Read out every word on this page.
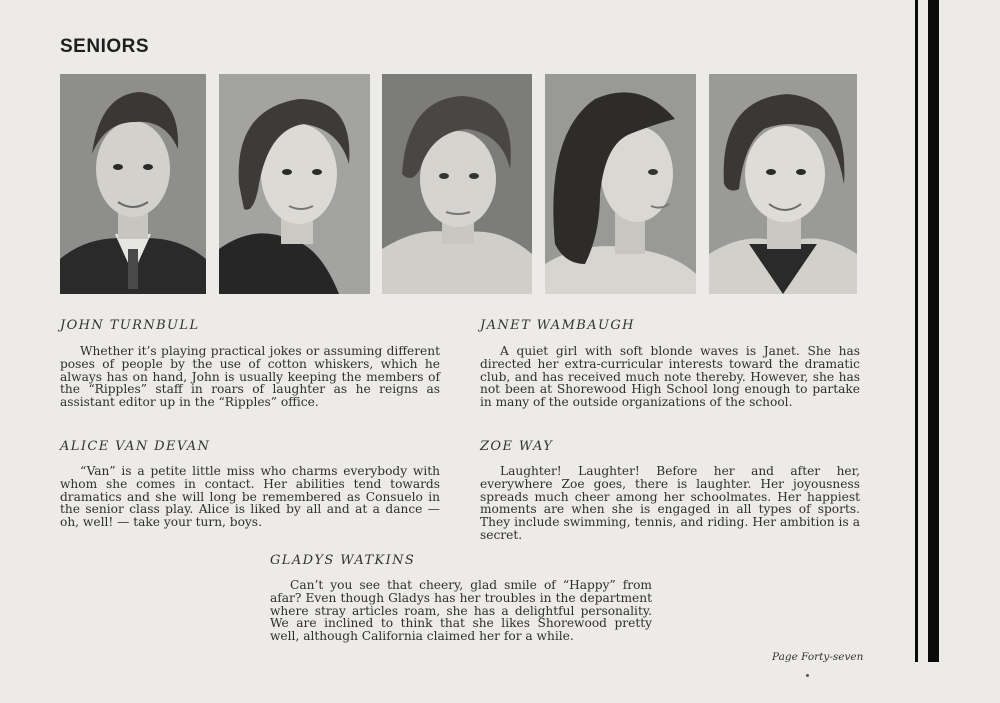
SENIORS
JOHN TURNBULL

Whether it’s playing practical jokes or assuming different poses of people by the use of cotton whiskers, which he always has on hand, John is usually keeping the members of the “Ripples” staff in roars of laughter as he reigns as assistant editor up in the “Ripples” office.

JANET WAMBAUGH

A quiet girl with soft blonde waves is Janet. She has directed her extra-curricular interests toward the dramatic club, and has received much note thereby. However, she has not been at Shorewood High School long enough to partake in many of the outside organizations of the school.

ALICE VAN DEVAN

“Van” is a petite little miss who charms everybody with whom she comes in contact. Her abilities tend towards dramatics and she will long be remembered as Consuelo in the senior class play. Alice is liked by all and at a dance — oh, well! — take your turn, boys.

ZOE WAY

Laughter! Laughter! Before her and after her, everywhere Zoe goes, there is laughter. Her joyousness spreads much cheer among her schoolmates. Her happiest moments are when she is engaged in all types of sports. They include swimming, tennis, and riding. Her ambition is a secret.

GLADYS WATKINS

Can’t you see that cheery, glad smile of “Happy” from afar? Even though Gladys has her troubles in the department where stray articles roam, she has a delightful personality. We are inclined to think that she likes Shorewood pretty well, although California claimed her for a while.

Page Forty-seven
